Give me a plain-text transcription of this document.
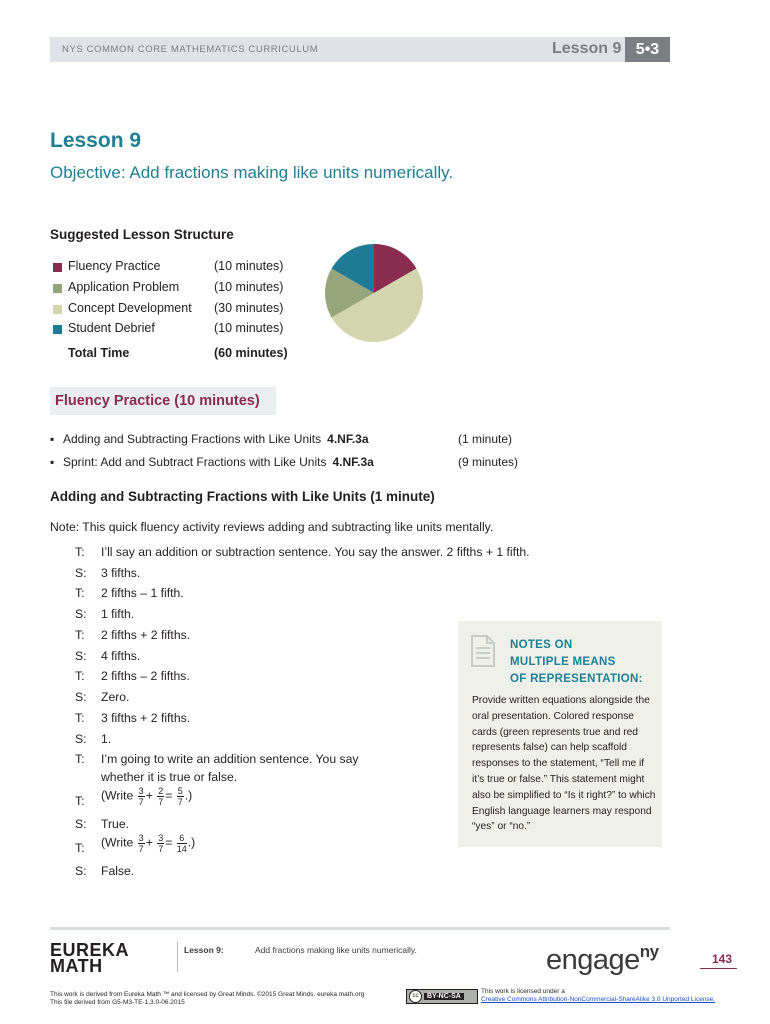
NYS COMMON CORE MATHEMATICS CURRICULUM	Lesson 9 5•3
Lesson 9
Objective: Add fractions making like units numerically.
Suggested Lesson Structure
Fluency Practice	(10 minutes)
Application Problem	(10 minutes)
Concept Development (30 minutes)
Student Debrief	(10 minutes)
Total Time	(60 minutes)
Fluency Practice (10 minutes)
▪ Adding and Subtracting Fractions with Like Units 4.NF.3a	(1 minute)
▪ Sprint: Add and Subtract Fractions with Like Units 4.NF.3a	(9 minutes)
Adding and Subtracting Fractions with Like Units (1 minute)
Note: This quick fluency activity reviews adding and subtracting like units mentally.
T:	I’ll say an addition or subtraction sentence. You say the answer. 2 fifths + 1 fifth.
S:	3 fifths.
T:	2 fifths – 1 fifth.
S:	1 fifth.
T:	2 fifths + 2 fifths.
S:	4 fifths.
T:	2 fifths – 2 fifths.
S:	Zero.
T:	3 fifths + 2 fifths.
S:	1.
T:	I’m going to write an addition sentence. You say
whether it is true or false.
T:	(Write $\frac{3}{7} + \frac{2}{7} = \frac{5}{7}$ .)
S:	True.
T:	(Write $\frac{3}{7} + \frac{3}{7} = \frac{6}{14}$ .)
S:	False.
NOTES ON
MULTIPLE MEANS
OF REPRESENTATION:
Provide written equations alongside the oral presentation. Colored response cards (green represents true and red represents false) can help scaffold responses to the statement, “Tell me if it’s true or false.” This statement might also be simplified to “Is it right?” to which English language learners may respond “yes” or “no.”
EUREKA
MATH
Lesson 9:	Add fractions making like units numerically.	engage$^{ny}$	143
This work is derived from Eureka Math ™ and licensed by Great Minds. ©2015 Great Minds. eureka math.org
This file derived from G5-M3-TE-1.3.0-06.2015
cc BY-NC-SA
This work is licensed under a
Creative Commons Attribution-NonCommercial-ShareAlike 3.0 Unported License.
